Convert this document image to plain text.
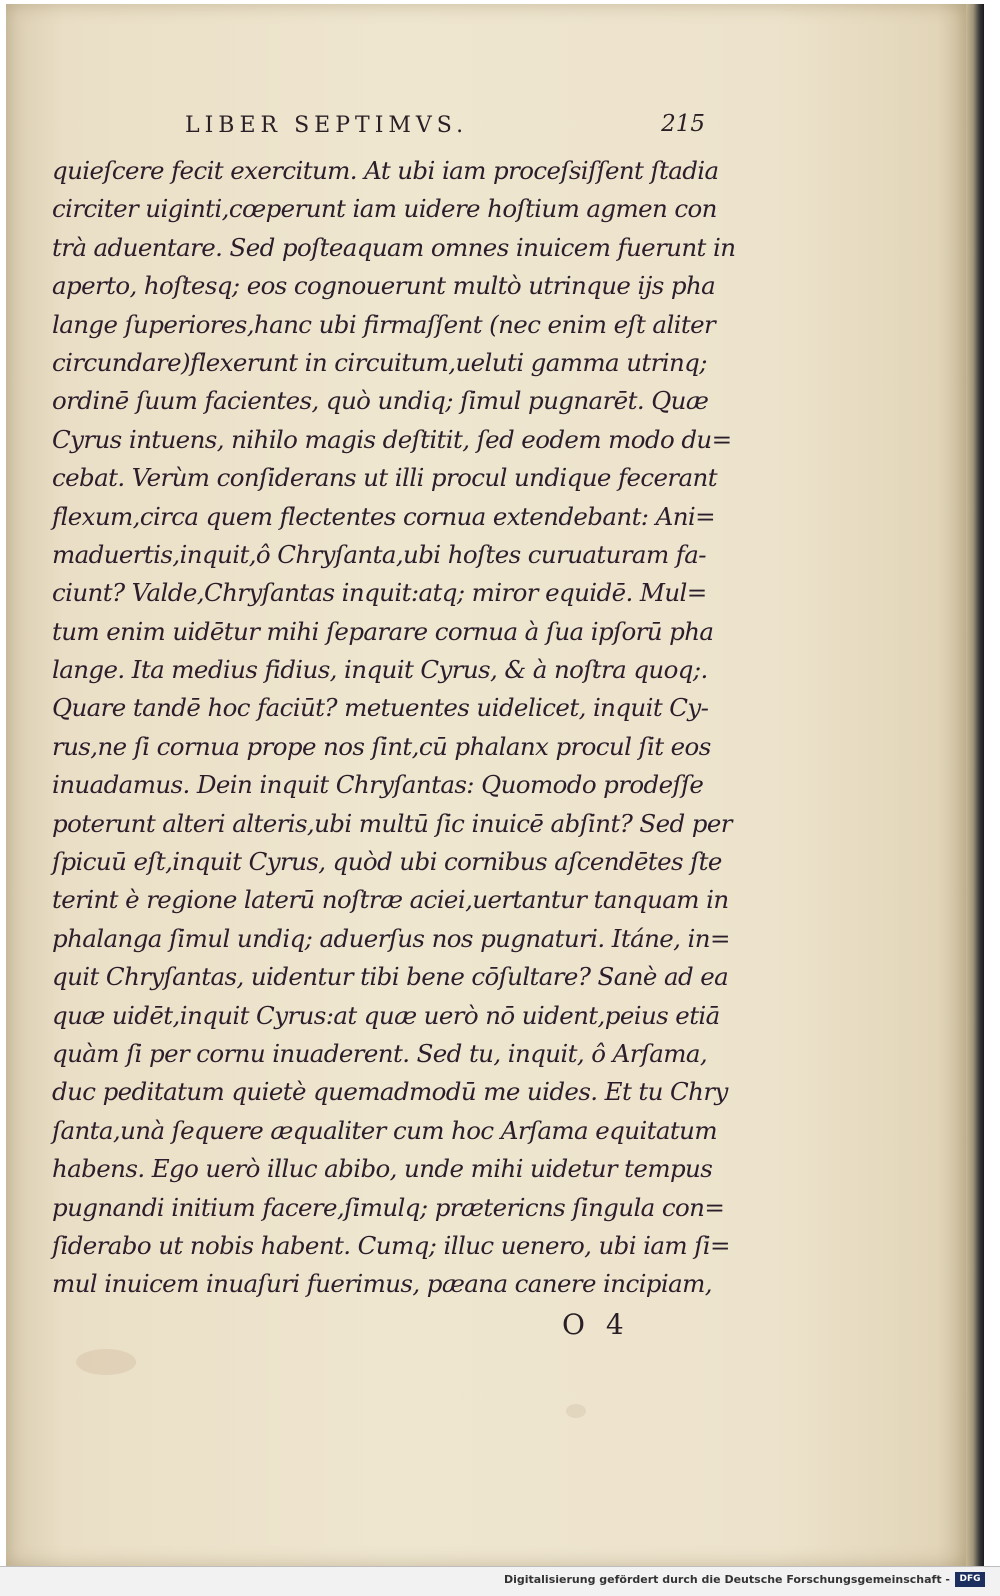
LIBER SEPTIMVS.	215
quieſcere fecit exercitum. At ubi iam proceſsiſſent ſtadia
circiter uiginti,cœperunt iam uidere hoſtium agmen con
trà aduentare. Sed poſteaquam omnes inuicem fuerunt in
aperto, hoſtesq; eos cognouerunt multò utrinque ijs pha
lange ſuperiores,hanc ubi firmaſſent (nec enim eſt aliter
circundare)flexerunt in circuitum,ueluti gamma utrinq;
ordinē ſuum facientes, quò undiq; ſimul pugnarēt. Quæ
Cyrus intuens, nihilo magis deſtitit, ſed eodem modo du=
cebat. Verùm conſiderans ut illi procul undique fecerant
flexum,circa quem flectentes cornua extendebant: Ani=
maduertis,inquit,ô Chryſanta,ubi hoſtes curuaturam fa-
ciunt? Valde,Chryſantas inquit:atq; miror equidē. Mul=
tum enim uidētur mihi ſeparare cornua à ſua ipſorū pha
lange. Ita medius fidius, inquit Cyrus, & à noſtra quoq;.
Quare tandē hoc faciūt? metuentes uidelicet, inquit Cy-
rus,ne ſi cornua prope nos ſint,cū phalanx procul ſit eos
inuadamus. Dein inquit Chryſantas: Quomodo prodeſſe
poterunt alteri alteris,ubi multū ſic inuicē abſint? Sed per
ſpicuū eſt,inquit Cyrus, quòd ubi cornibus aſcendētes ſte
terint è regione laterū noſtræ aciei,uertantur tanquam in
phalanga ſimul undiq; aduerſus nos pugnaturi. Itáne, in=
quit Chryſantas, uidentur tibi bene cōſultare? Sanè ad ea
quæ uidēt,inquit Cyrus:at quæ uerò nō uident,peius etiā
quàm ſi per cornu inuaderent. Sed tu, inquit, ô Arſama,
duc peditatum quietè quemadmodū me uides. Et tu Chry
ſanta,unà ſequere æqualiter cum hoc Arſama equitatum
habens. Ego uerò illuc abibo, unde mihi uidetur tempus
pugnandi initium facere,ſimulq; prætericns ſingula con=
ſiderabo ut nobis habent. Cumq; illuc uenero, ubi iam ſi=
mul inuicem inuaſuri fuerimus, pæana canere incipiam,
O 4
Digitalisierung gefördert durch die Deutsche Forschungsgemeinschaft -	DFG
